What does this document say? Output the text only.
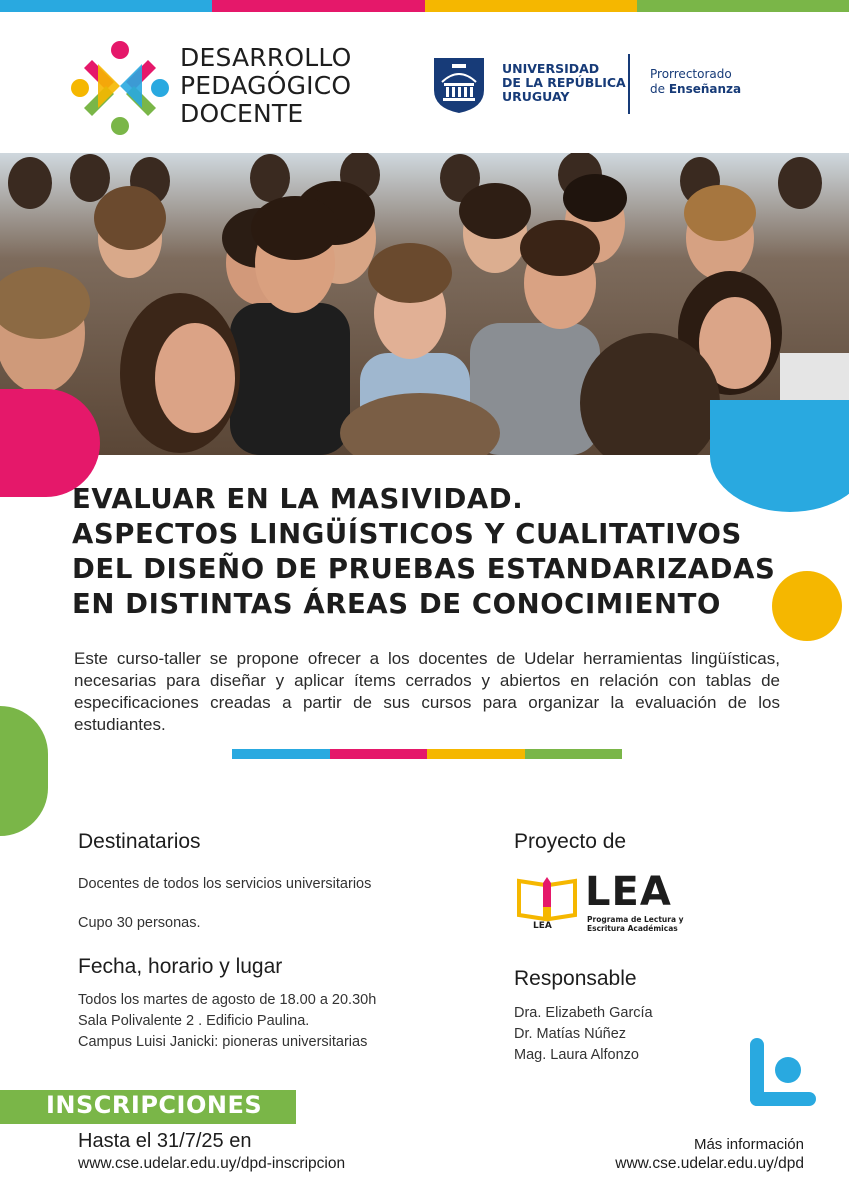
DESARROLLO
PEDAGÓGICO
DOCENTE
UNIVERSIDAD
DE LA REPÚBLICA
URUGUAY
Prorrectorado
de Enseñanza
EVALUAR EN LA MASIVIDAD.
ASPECTOS LINGÜÍSTICOS Y CUALITATIVOS
DEL DISEÑO DE PRUEBAS ESTANDARIZADAS
EN DISTINTAS ÁREAS DE CONOCIMIENTO

Este curso-taller se propone ofrecer a los docentes de Udelar herramientas lingüísticas, necesarias para diseñar y aplicar ítems cerrados y abiertos en relación con tablas de especificaciones creadas a partir de sus cursos para organizar la evaluación de los estudiantes.

Destinatarios
Docentes de todos los servicios universitarios
Cupo 30 personas.
Fecha, horario y lugar
Todos los martes de agosto de 18.00 a 20.30h
Sala Polivalente 2 . Edificio Paulina.
Campus Luisi Janicki: pioneras universitarias
Proyecto de
LEA
LEA
Programa de Lectura y
Escritura Académicas
Responsable
Dra. Elizabeth García
Dr. Matías Núñez
Mag. Laura Alfonzo
INSCRIPCIONES
Hasta el 31/7/25 en
www.cse.udelar.edu.uy/dpd-inscripcion
Más información
www.cse.udelar.edu.uy/dpd
